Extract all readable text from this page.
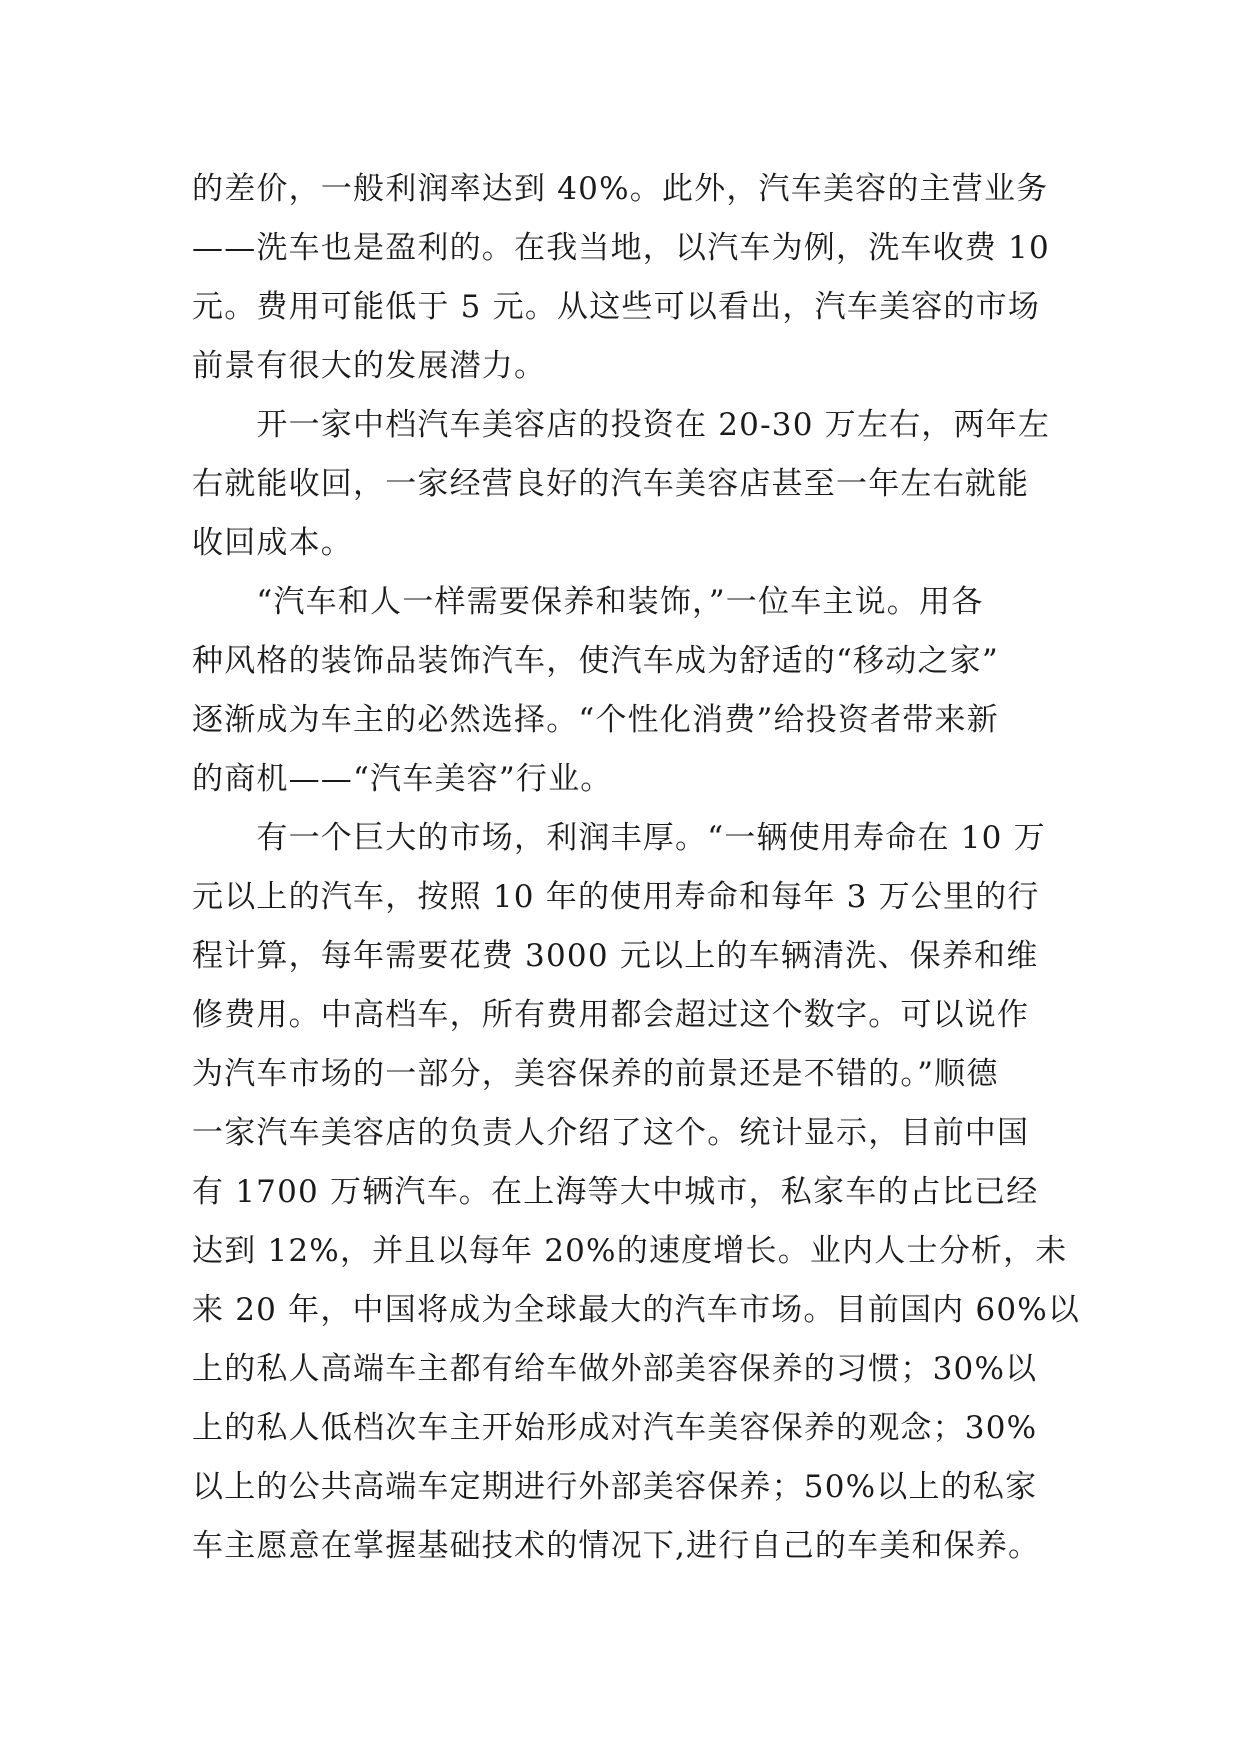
的差价，一般利润率达到 40%。此外，汽车美容的主营业务
——洗车也是盈利的。在我当地，以汽车为例，洗车收费 10
元。费用可能低于 5 元。从这些可以看出，汽车美容的市场
前景有很大的发展潜力。
　　开一家中档汽车美容店的投资在 20-30 万左右，两年左
右就能收回，一家经营良好的汽车美容店甚至一年左右就能
收回成本。
　　“汽车和人一样需要保养和装饰，”一位车主说。用各
种风格的装饰品装饰汽车，使汽车成为舒适的“移动之家”
逐渐成为车主的必然选择。“个性化消费”给投资者带来新
的商机——“汽车美容”行业。
　　有一个巨大的市场，利润丰厚。“一辆使用寿命在 10 万
元以上的汽车，按照 10 年的使用寿命和每年 3 万公里的行
程计算，每年需要花费 3000 元以上的车辆清洗、保养和维
修费用。中高档车，所有费用都会超过这个数字。可以说作
为汽车市场的一部分，美容保养的前景还是不错的。”顺德
一家汽车美容店的负责人介绍了这个。统计显示，目前中国
有 1700 万辆汽车。在上海等大中城市，私家车的占比已经
达到 12%，并且以每年 20%的速度增长。业内人士分析，未
来 20 年，中国将成为全球最大的汽车市场。目前国内 60%以
上的私人高端车主都有给车做外部美容保养的习惯；30%以
上的私人低档次车主开始形成对汽车美容保养的观念；30%
以上的公共高端车定期进行外部美容保养；50%以上的私家
车主愿意在掌握基础技术的情况下,进行自己的车美和保养。
